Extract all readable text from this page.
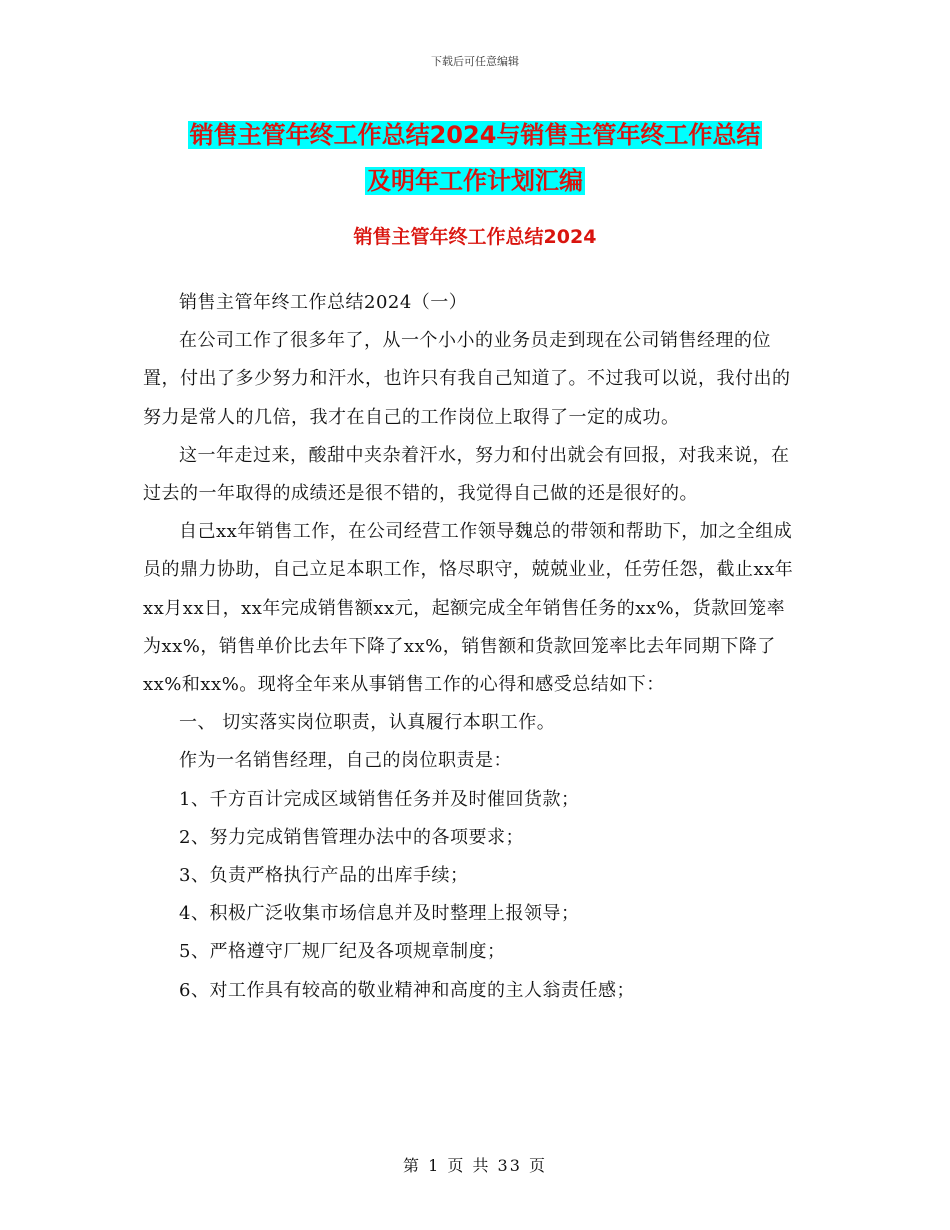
下载后可任意编辑
销售主管年终工作总结2024与销售主管年终工作总结
及明年工作计划汇编
销售主管年终工作总结2024

销售主管年终工作总结2024（一）

在公司工作了很多年了，从一个小小的业务员走到现在公司销售经理的位置，付出了多少努力和汗水，也许只有我自己知道了。不过我可以说，我付出的努力是常人的几倍，我才在自己的工作岗位上取得了一定的成功。

这一年走过来，酸甜中夹杂着汗水，努力和付出就会有回报，对我来说，在过去的一年取得的成绩还是很不错的，我觉得自己做的还是很好的。

自己xx年销售工作，在公司经营工作领导魏总的带领和帮助下，加之全组成员的鼎力协助，自己立足本职工作，恪尽职守，兢兢业业，任劳任怨，截止xx年xx月xx日，xx年完成销售额xx元，起额完成全年销售任务的xx%，货款回笼率为xx%，销售单价比去年下降了xx%，销售额和货款回笼率比去年同期下降了xx%和xx%。现将全年来从事销售工作的心得和感受总结如下：

一、 切实落实岗位职责，认真履行本职工作。

作为一名销售经理，自己的岗位职责是：

1、千方百计完成区域销售任务并及时催回货款；

2、努力完成销售管理办法中的各项要求；

3、负责严格执行产品的出库手续；

4、积极广泛收集市场信息并及时整理上报领导；

5、严格遵守厂规厂纪及各项规章制度；

6、对工作具有较高的敬业精神和高度的主人翁责任感；

第 1 页 共 33 页
